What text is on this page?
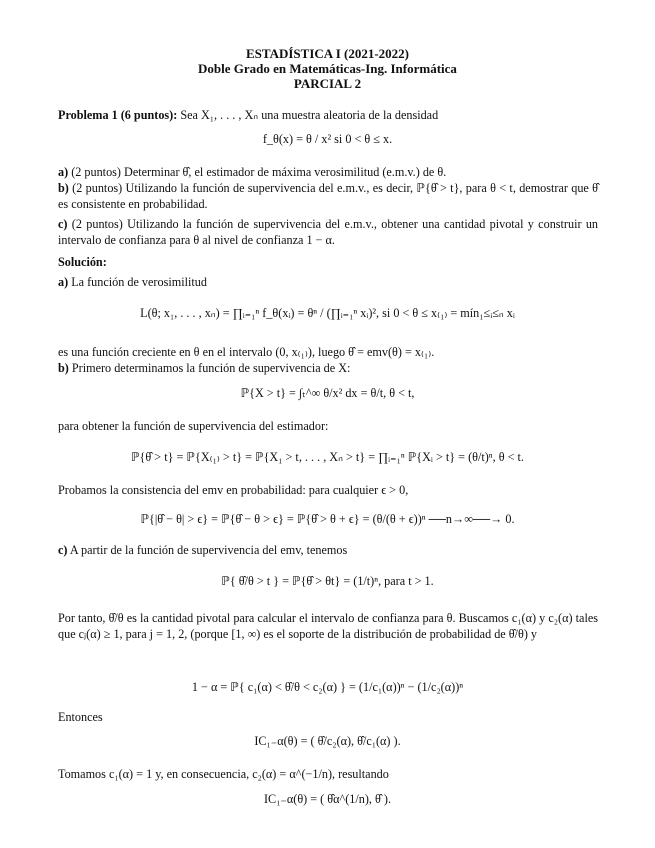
ESTADÍSTICA I (2021-2022)
Doble Grado en Matemáticas-Ing. Informática
PARCIAL 2
Problema 1 (6 puntos): Sea X₁, . . . , Xₙ una muestra aleatoria de la densidad
f_θ(x) = θ / x² si 0 < θ ≤ x.
a) (2 puntos) Determinar θ̂, el estimador de máxima verosimilitud (e.m.v.) de θ.
b) (2 puntos) Utilizando la función de supervivencia del e.m.v., es decir, ℙ{θ̂ > t}, para θ < t, demostrar que θ̂ es consistente en probabilidad.
c) (2 puntos) Utilizando la función de supervivencia del e.m.v., obtener una cantidad pivotal y construir un intervalo de confianza para θ al nivel de confianza 1 − α.
Solución:
a) La función de verosimilitud
L(θ; x₁, . . . , xₙ) = ∏ᵢ₌₁ⁿ f_θ(xᵢ) = θⁿ / (∏ᵢ₌₁ⁿ xᵢ)², si 0 < θ ≤ x₍₁₎ = mín₁≤ᵢ≤ₙ xᵢ
es una función creciente en θ en el intervalo (0, x₍₁₎), luego θ̂ = emv(θ) = x₍₁₎.
b) Primero determinamos la función de supervivencia de X:
ℙ{X > t} = ∫ₜ^∞ θ/x² dx = θ/t, θ < t,
para obtener la función de supervivencia del estimador:
ℙ{θ̂ > t} = ℙ{X₍₁₎ > t} = ℙ{X₁ > t, . . . , Xₙ > t} = ∏ᵢ₌₁ⁿ ℙ{Xᵢ > t} = (θ/t)ⁿ, θ < t.
Probamos la consistencia del emv en probabilidad: para cualquier ϵ > 0,
ℙ{|θ̂ − θ| > ϵ} = ℙ{θ̂ − θ > ϵ} = ℙ{θ̂ > θ + ϵ} = (θ/(θ + ϵ))ⁿ ──n→∞──→ 0.
c) A partir de la función de supervivencia del emv, tenemos
ℙ{ θ̂/θ > t } = ℙ{θ̂ > θt} = (1/t)ⁿ, para t > 1.
Por tanto, θ̂/θ es la cantidad pivotal para calcular el intervalo de confianza para θ. Buscamos c₁(α) y c₂(α) tales que cⱼ(α) ≥ 1, para j = 1, 2, (porque [1, ∞) es el soporte de la distribución de probabilidad de θ̂/θ) y
1 − α = ℙ{ c₁(α) < θ̂/θ < c₂(α) } = (1/c₁(α))ⁿ − (1/c₂(α))ⁿ
Entonces
IC₁₋α(θ) = ( θ̂/c₂(α), θ̂/c₁(α) ).
Tomamos c₁(α) = 1 y, en consecuencia, c₂(α) = α^(−1/n), resultando
IC₁₋α(θ) = ( θ̂α^(1/n), θ̂ ).
